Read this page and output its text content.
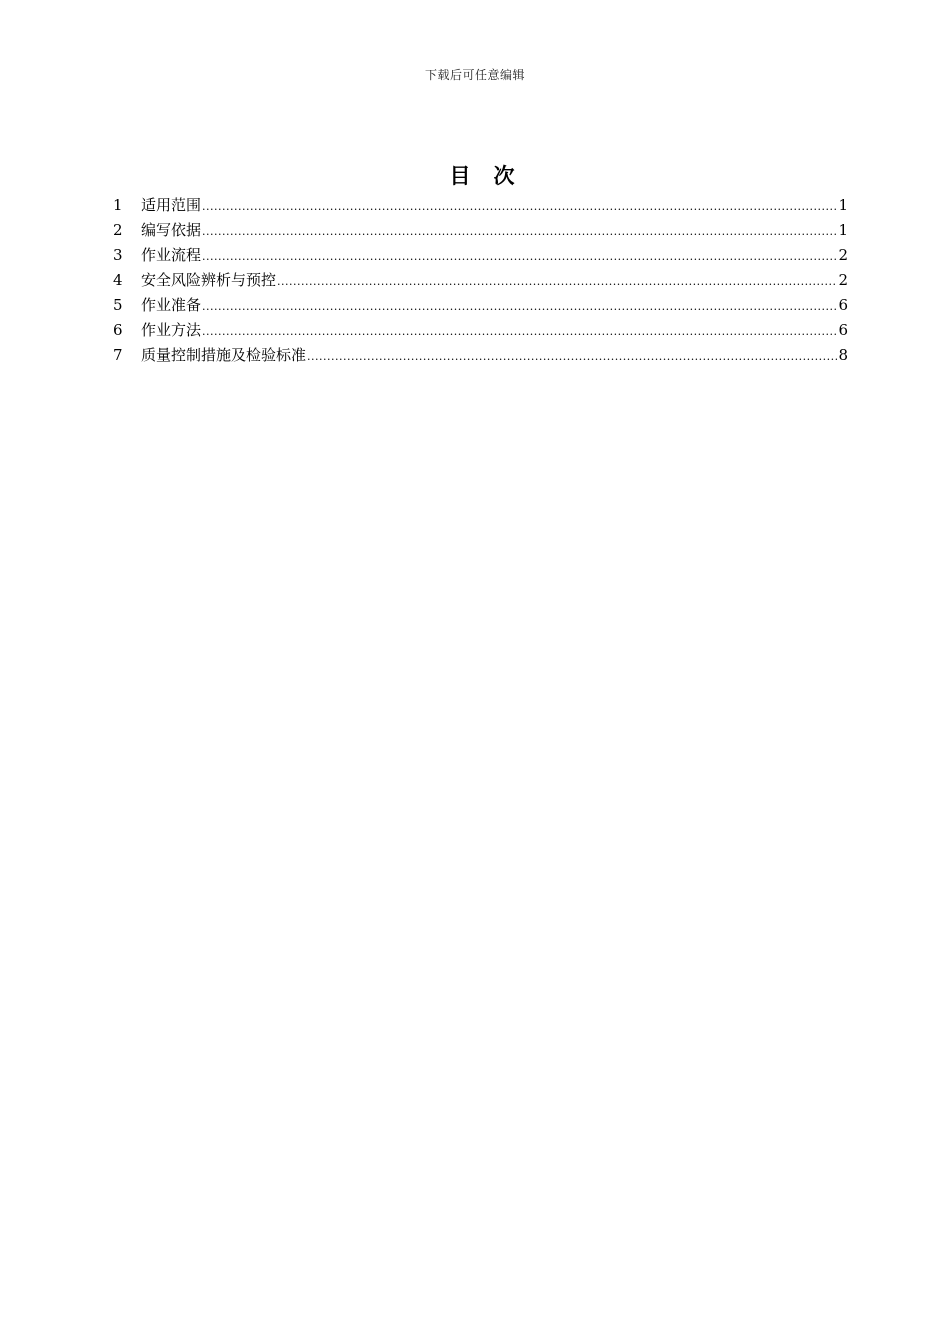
下载后可任意编辑
目　次
1	适用范围 .....	1
2	编写依据 .....	1
3	作业流程 .....	2
4	安全风险辨析与预控 .....	2
5	作业准备 .....	6
6	作业方法 .....	6
7	质量控制措施及检验标准 .....	8
